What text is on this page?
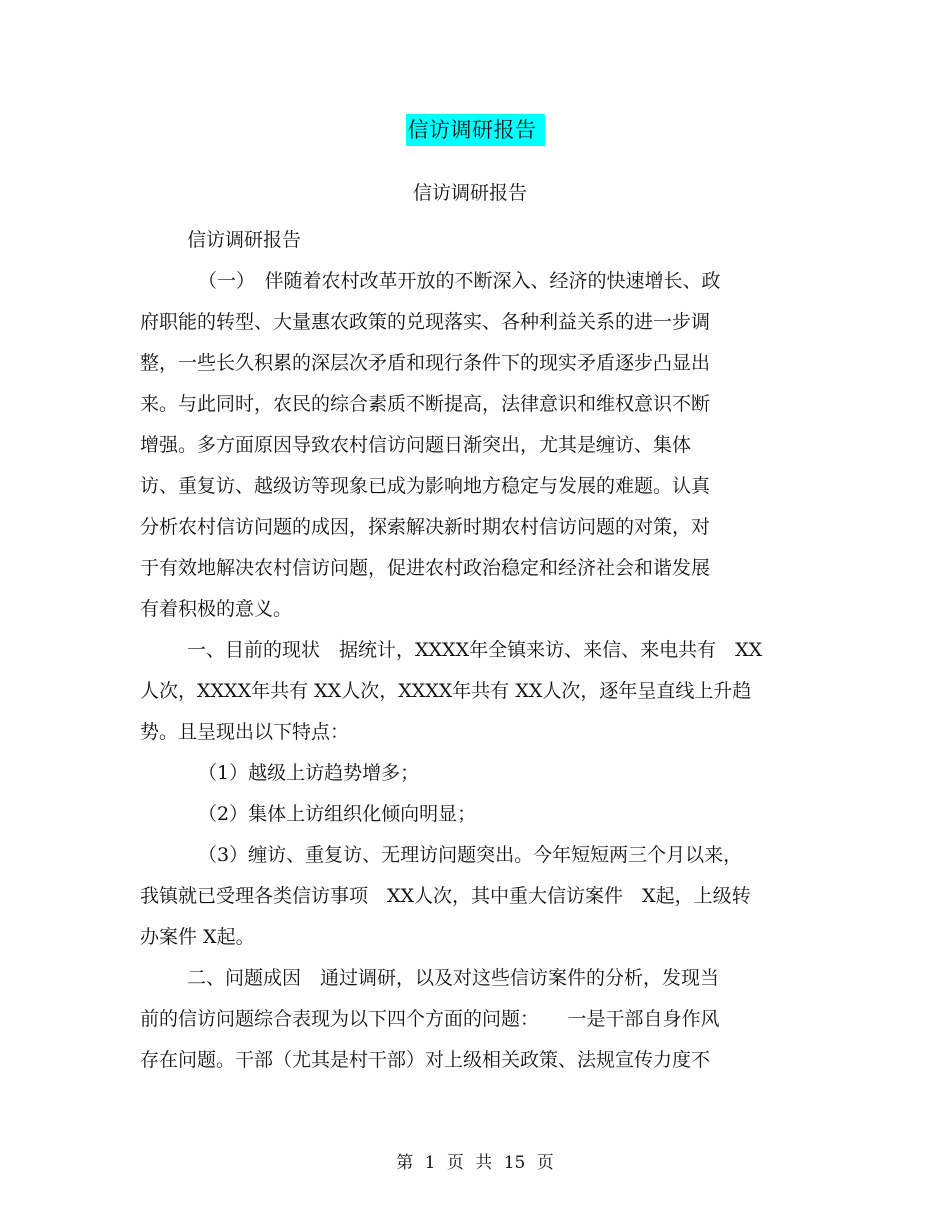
信访调研报告
信访调研报告
信访调研报告
（一）　伴随着农村改革开放的不断深入、经济的快速增长、政
府职能的转型、大量惠农政策的兑现落实、各种利益关系的进一步调
整，一些长久积累的深层次矛盾和现行条件下的现实矛盾逐步凸显出
来。与此同时，农民的综合素质不断提高，法律意识和维权意识不断
增强。多方面原因导致农村信访问题日渐突出，尤其是缠访、集体
访、重复访、越级访等现象已成为影响地方稳定与发展的难题。认真
分析农村信访问题的成因，探索解决新时期农村信访问题的对策，对
于有效地解决农村信访问题，促进农村政治稳定和经济社会和谐发展
有着积极的意义。
一、目前的现状　据统计，XXXX年全镇来访、来信、来电共有　XX
人次，XXXX年共有 XX人次，XXXX年共有 XX人次，逐年呈直线上升趋
势。且呈现出以下特点：
（1）越级上访趋势增多；
（2）集体上访组织化倾向明显；
（3）缠访、重复访、无理访问题突出。今年短短两三个月以来，
我镇就已受理各类信访事项　XX人次，其中重大信访案件　X起，上级转
办案件 X起。
二、问题成因　通过调研，以及对这些信访案件的分析，发现当
前的信访问题综合表现为以下四个方面的问题：　　一是干部自身作风
存在问题。干部（尤其是村干部）对上级相关政策、法规宣传力度不
第 1 页 共 15 页
